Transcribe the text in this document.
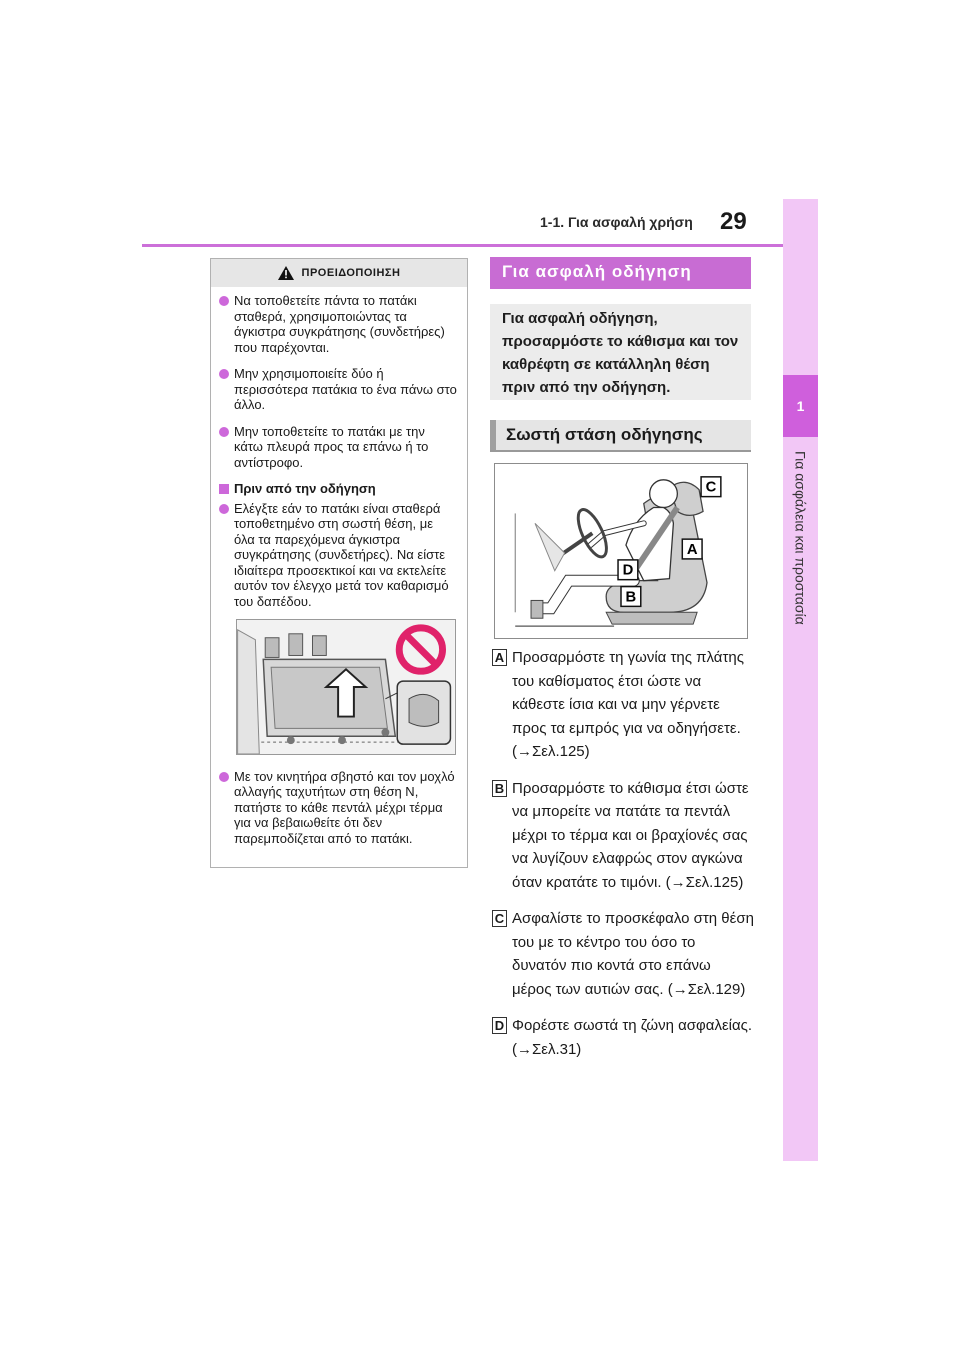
1-1. Για ασφαλή χρήση	29
1
Για ασφάλεια και προστασία
ΠΡΟΕΙΔΟΠΟΙΗΣΗ
Να τοποθετείτε πάντα το πατάκι σταθερά, χρησιμοποιώντας τα άγκιστρα συγκράτησης (συνδετήρες) που παρέχονται.
Μην χρησιμοποιείτε δύο ή περισσότερα πατάκια το ένα πάνω στο άλλο.
Μην τοποθετείτε το πατάκι με την κάτω πλευρά προς τα επάνω ή το αντίστροφο.
Πριν από την οδήγηση
Ελέγξτε εάν το πατάκι είναι σταθερά τοποθετημένο στη σωστή θέση, με όλα τα παρεχόμενα άγκιστρα συγκράτησης (συνδετήρες). Να είστε ιδιαίτερα προσεκτικοί και να εκτελείτε αυτόν τον έλεγχο μετά τον καθαρισμό του δαπέδου.
Με τον κινητήρα σβηστό και τον μοχλό αλλαγής ταχυτήτων στη θέση N, πατήστε το κάθε πεντάλ μέχρι τέρμα για να βεβαιωθείτε ότι δεν παρεμποδίζεται από το πατάκι.
Για ασφαλή οδήγηση
Για ασφαλή οδήγηση, προσαρμόστε το κάθισμα και τον καθρέφτη σε κατάλληλη θέση πριν από την οδήγηση.
Σωστή στάση οδήγησης
C
A
D
B
A Προσαρμόστε τη γωνία της πλάτης του καθίσματος έτσι ώστε να κάθεστε ίσια και να μην γέρνετε προς τα εμπρός για να οδηγήσετε. (→Σελ.125)
B Προσαρμόστε το κάθισμα έτσι ώστε να μπορείτε να πατάτε τα πεντάλ μέχρι το τέρμα και οι βραχίονές σας να λυγίζουν ελαφρώς στον αγκώνα όταν κρατάτε το τιμόνι. (→Σελ.125)
C Ασφαλίστε το προσκέφαλο στη θέση του με το κέντρο του όσο το δυνατόν πιο κοντά στο επάνω μέρος των αυτιών σας. (→Σελ.129)
D Φορέστε σωστά τη ζώνη ασφαλείας. (→Σελ.31)
